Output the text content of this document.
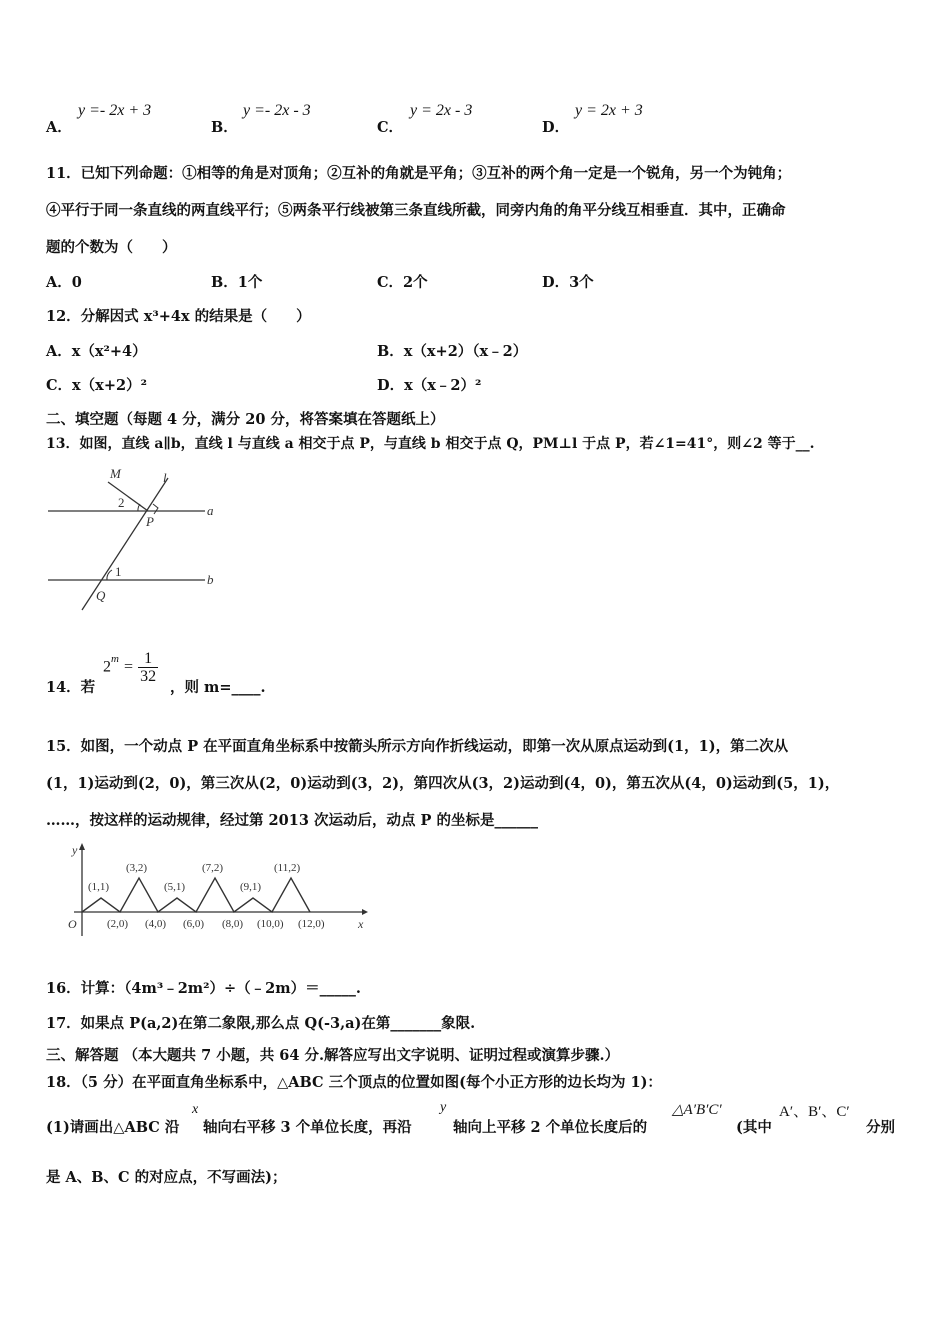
A．
y =- 2x + 3
B．
y =- 2x - 3
C．
y = 2x - 3
D．
y = 2x + 3
11．已知下列命题：①相等的角是对顶角；②互补的角就是平角；③互补的两个角一定是一个锐角，另一个为钝角；
④平行于同一条直线的两直线平行；⑤两条平行线被第三条直线所截，同旁内角的角平分线互相垂直．其中，正确命
题的个数为（　　）
A．0	B．1个	C．2个	D．3个
12．分解因式 x³+4x 的结果是（　　）
A．x（x²+4）	B．x（x+2）（x﹣2）
C．x（x+2）²	D．x（x﹣2）²
二、填空题（每题 4 分，满分 20 分，将答案填在答题纸上）
13．如图，直线 a∥b，直线 l 与直线 a 相交于点 P，与直线 b 相交于点 Q，PM⊥l 于点 P，若∠1=41°，则∠2 等于__.
M	l
2
P
a
1
Q
b
14．若
$2^m = \frac{1}{32}$
，则 m=____.
15．如图，一个动点 P 在平面直角坐标系中按箭头所示方向作折线运动，即第一次从原点运动到(1，1)，第二次从
(1，1)运动到(2，0)，第三次从(2，0)运动到(3，2)，第四次从(3，2)运动到(4，0)，第五次从(4，0)运动到(5，1)，
……，按这样的运动规律，经过第 2013 次运动后，动点 P 的坐标是______
y
x
O
(1,1)
(3,2)
(5,1)
(7,2)
(9,1)
(11,2)
(2,0) (4,0) (6,0) (8,0) (10,0) (12,0)
16．计算：（4m³﹣2m²）÷（﹣2m）＝_____.
17．如果点 P(a,2)在第二象限,那么点 Q(-3,a)在第_______象限.
三、解答题 （本大题共 7 小题，共 64 分.解答应写出文字说明、证明过程或演算步骤.）
18．（5 分）在平面直角坐标系中，△ABC 三个顶点的位置如图(每个小正方形的边长均为 1)：
(1)请画出△ABC 沿
x
轴向右平移 3 个单位长度，再沿
y
轴向上平移 2 个单位长度后的
△A′B′C′
(其中
A′、B′、C′
分别
是 A、B、C 的对应点，不写画法)；
